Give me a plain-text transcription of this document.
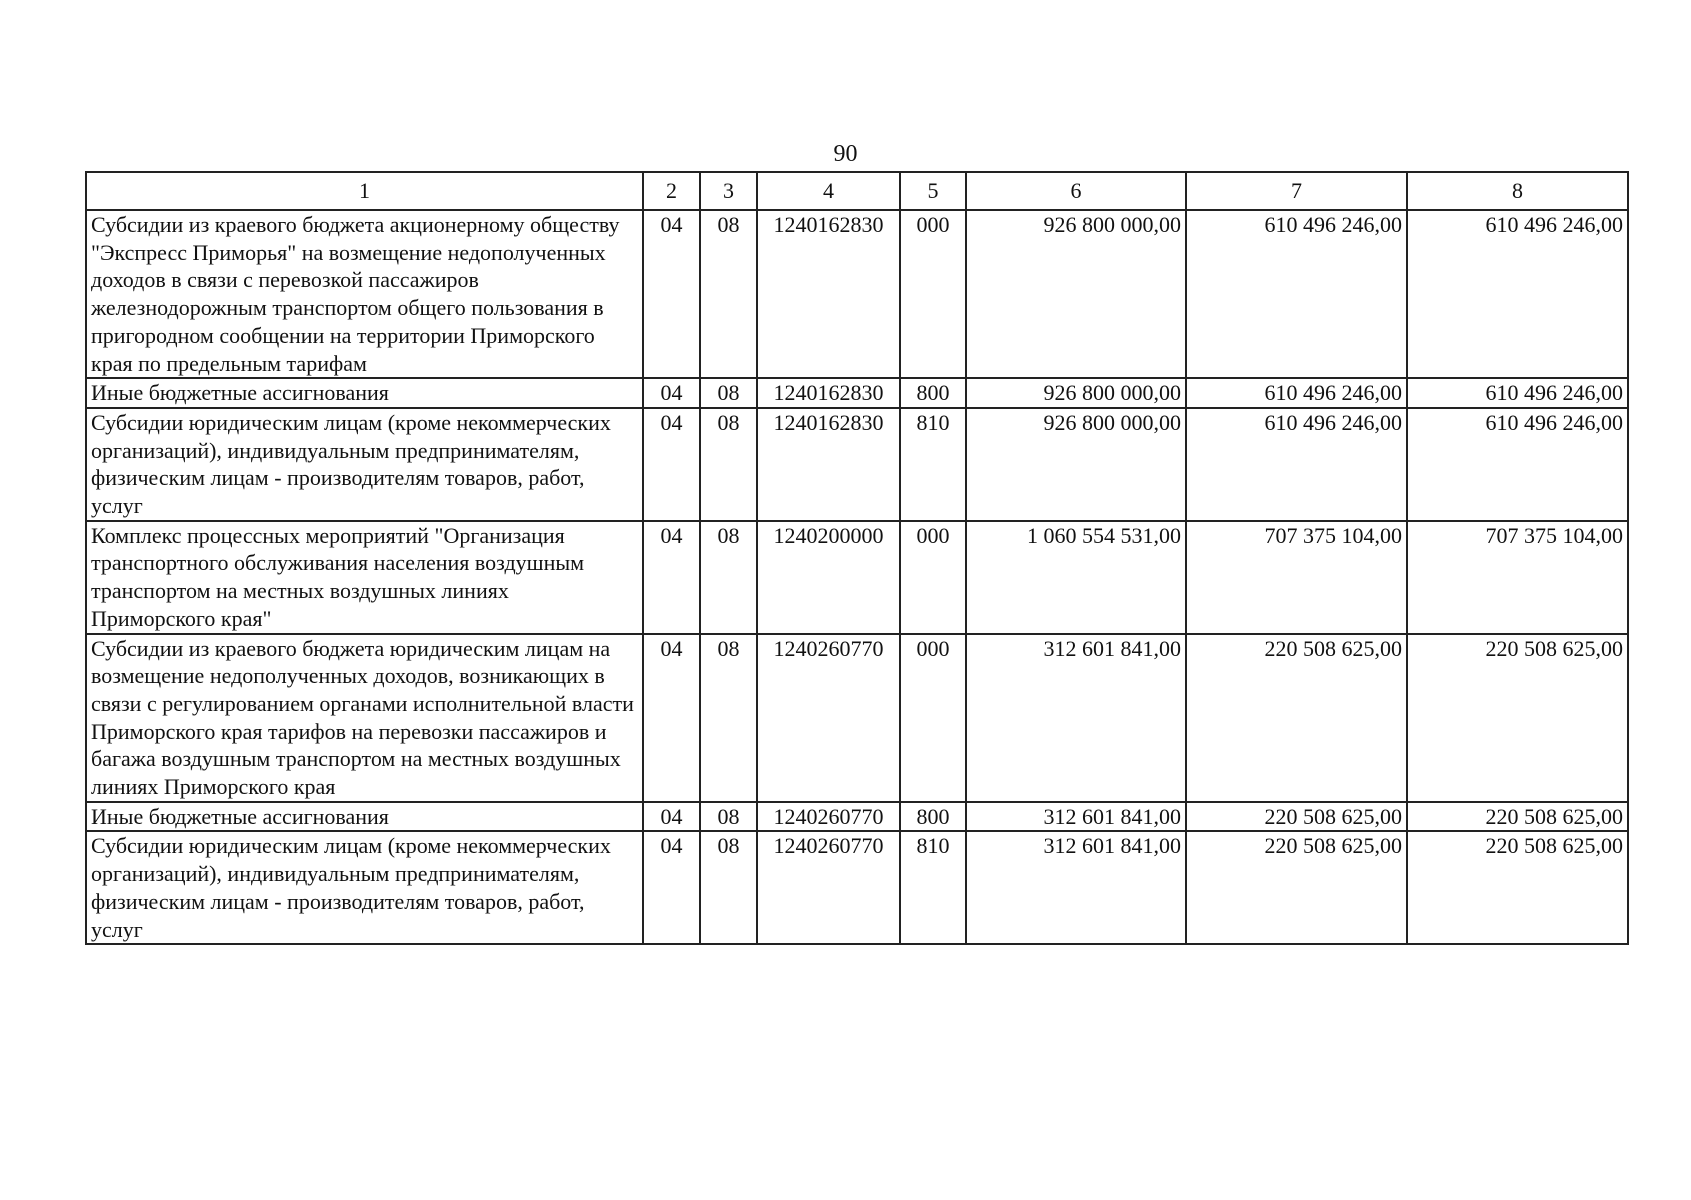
90
1	2	3	4	5	6	7	8
Субсидии из краевого бюджета акционерному обществу "Экспресс Приморья" на возмещение недополученных доходов в связи с перевозкой пассажиров железнодорожным транспортом общего пользования в пригородном сообщении на территории Приморского края по предельным тарифам	04	08	1240162830	000	926 800 000,00	610 496 246,00	610 496 246,00
Иные бюджетные ассигнования	04	08	1240162830	800	926 800 000,00	610 496 246,00	610 496 246,00
Субсидии юридическим лицам (кроме некоммерческих организаций), индивидуальным предпринимателям, физическим лицам - производителям товаров, работ, услуг	04	08	1240162830	810	926 800 000,00	610 496 246,00	610 496 246,00
Комплекс процессных мероприятий "Организация транспортного обслуживания населения воздушным транспортом на местных воздушных линиях Приморского края"	04	08	1240200000	000	1 060 554 531,00	707 375 104,00	707 375 104,00
Субсидии из краевого бюджета юридическим лицам на возмещение недополученных доходов, возникающих в связи с регулированием органами исполнительной власти Приморского края тарифов на перевозки пассажиров и багажа воздушным транспортом на местных воздушных линиях Приморского края	04	08	1240260770	000	312 601 841,00	220 508 625,00	220 508 625,00
Иные бюджетные ассигнования	04	08	1240260770	800	312 601 841,00	220 508 625,00	220 508 625,00
Субсидии юридическим лицам (кроме некоммерческих организаций), индивидуальным предпринимателям, физическим лицам - производителям товаров, работ, услуг	04	08	1240260770	810	312 601 841,00	220 508 625,00	220 508 625,00
